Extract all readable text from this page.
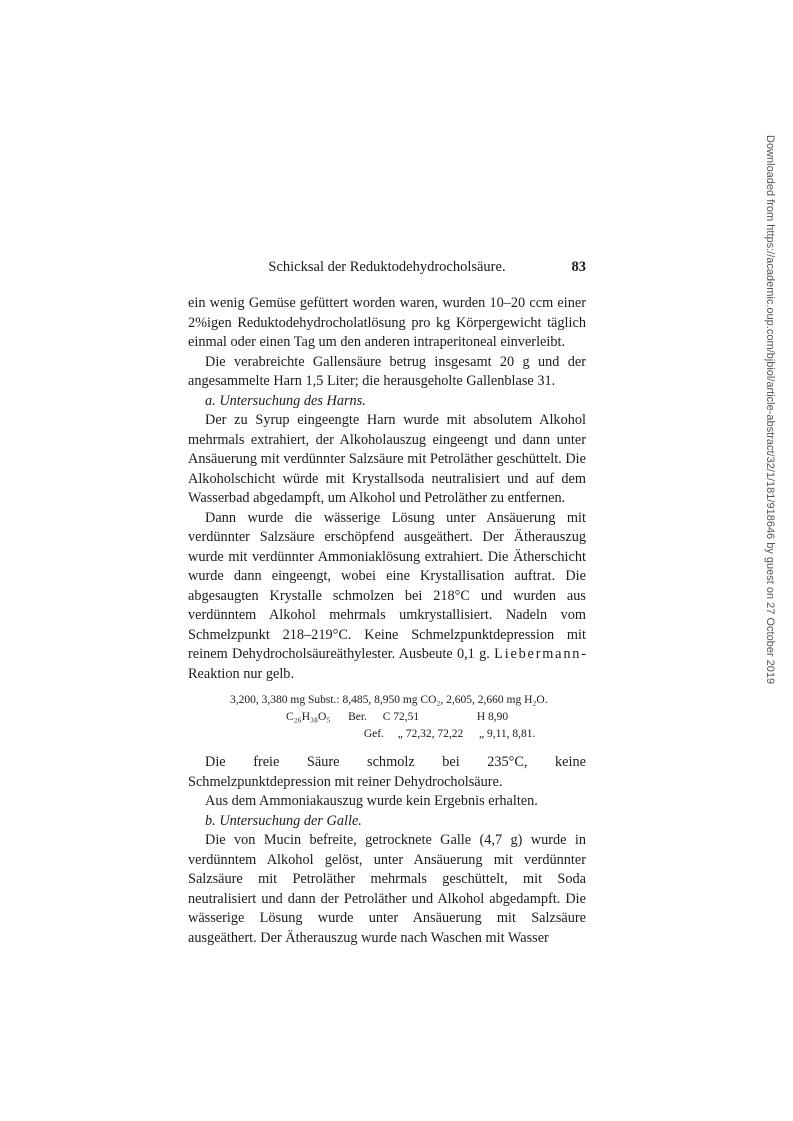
Schicksal der Reduktodehydrocholsäure.	83

ein wenig Gemüse gefüttert worden waren, wurden 10–20 ccm einer 2%igen Reduktodehydrocholatlösung pro kg Körpergewicht täglich einmal oder einen Tag um den anderen intraperitoneal einverleibt.

Die verabreichte Gallensäure betrug insgesamt 20 g und der angesammelte Harn 1,5 Liter; die herausgeholte Gallenblase 31.

a. Untersuchung des Harns.

Der zu Syrup eingeengte Harn wurde mit absolutem Alkohol mehrmals extrahiert, der Alkoholauszug eingeengt und dann unter Ansäuerung mit verdünnter Salzsäure mit Petroläther geschüttelt. Die Alkoholschicht würde mit Krystallsoda neutralisiert und auf dem Wasserbad abgedampft, um Alkohol und Petroläther zu entfernen.

Dann wurde die wässerige Lösung unter Ansäuerung mit verdünnter Salzsäure erschöpfend ausgeäthert. Der Ätherauszug wurde mit verdünnter Ammoniaklösung extrahiert. Die Ätherschicht wurde dann eingeengt, wobei eine Krystallisation auftrat. Die abgesaugten Krystalle schmolzen bei 218°C und wurden aus verdünntem Alkohol mehrmals umkrystallisiert. Nadeln vom Schmelzpunkt 218–219°C. Keine Schmelzpunktdepression mit reinem Dehydrocholsäureäthylester. Ausbeute 0,1 g. Liebermann-Reaktion nur gelb.

3,200, 3,380 mg Subst.: 8,485, 8,950 mg CO₂, 2,605, 2,660 mg H₂O.
C₂₆H₃₈O₅ Ber. C 72,51	H 8,90
Gef. „ 72,32, 72,22 „ 9,11, 8,81.

Die freie Säure schmolz bei 235°C, keine Schmelzpunktdepression mit reiner Dehydrocholsäure.

Aus dem Ammoniakauszug wurde kein Ergebnis erhalten.

b. Untersuchung der Galle.

Die von Mucin befreite, getrocknete Galle (4,7 g) wurde in verdünntem Alkohol gelöst, unter Ansäuerung mit verdünnter Salzsäure mit Petroläther mehrmals geschüttelt, mit Soda neutralisiert und dann der Petroläther und Alkohol abgedampft. Die wässerige Lösung wurde unter Ansäuerung mit Salzsäure ausgeäthert. Der Ätherauszug wurde nach Waschen mit Wasser

Downloaded from https://academic.oup.com/bjbiol/article-abstract/32/1/181/918646 by guest on 27 October 2019
